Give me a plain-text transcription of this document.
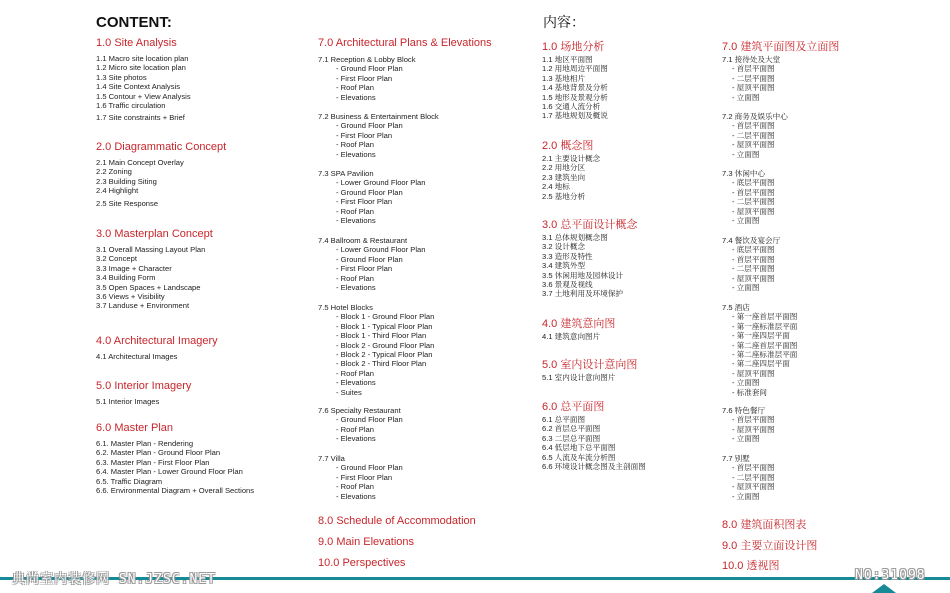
CONTENT:	内容：
1.0 Site Analysis
1.1 Macro site location plan
1.2 Micro site location plan
1.3 Site photos
1.4 Site Context Analysis
1.5 Contour + View Analysis
1.6 Traffic circulation
1.7 Site constraints + Brief
2.0 Diagrammatic Concept
2.1 Main Concept Overlay
2.2 Zoning
2.3 Building Siting
2.4 Highlight
2.5 Site Response
3.0 Masterplan Concept
3.1 Overall Massing Layout Plan
3.2 Concept
3.3 Image + Character
3.4 Building Form
3.5 Open Spaces + Landscape
3.6 Views + Visibility
3.7 Landuse + Environment
4.0 Architectural Imagery
4.1 Architectural Images
5.0 Interior Imagery
5.1 Interior Images
6.0 Master Plan
6.1. Master Plan - Rendering
6.2. Master Plan - Ground Floor Plan
6.3. Master Plan - First Floor Plan
6.4. Master Plan - Lower Ground Floor Plan
6.5. Traffic Diagram
6.6. Environmental Diagram + Overall Sections
7.0 Architectural Plans & Elevations
7.1 Reception & Lobby Block
- Ground Floor Plan
- First Floor Plan
- Roof Plan
- Elevations
7.2 Business & Entertainment Block
- Ground Floor Plan
- First Floor Plan
- Roof Plan
- Elevations
7.3 SPA Pavilion
- Lower Ground Floor Plan
- Ground Floor Plan
- First Floor Plan
- Roof Plan
- Elevations
7.4 Ballroom & Restaurant
- Lower Ground Floor Plan
- Ground Floor Plan
- First Floor Plan
- Roof Plan
- Elevations
7.5 Hotel Blocks
- Block 1 - Ground Floor Plan
- Block 1 - Typical Floor Plan
- Block 1 - Third Floor Plan
- Block 2 - Ground Floor Plan
- Block 2 - Typical Floor Plan
- Block 2 - Third Floor Plan
- Roof Plan
- Elevations
- Suites
7.6 Specialty Restaurant
- Ground Floor Plan
- Roof Plan
- Elevations
7.7 Villa
- Ground Floor Plan
- First Floor Plan
- Roof Plan
- Elevations
8.0 Schedule of Accommodation
9.0 Main Elevations
10.0 Perspectives
1.0 场地分析
1.1 地区平面图
1.2 用地周边平面图
1.3 基地相片
1.4 基地背景及分析
1.5 地形及景观分析
1.6 交通人流分析
1.7 基地规划及概说
2.0 概念图
2.1 主要设计概念
2.2 用地分区
2.3 建筑坐向
2.4 地标
2.5 基地分析
3.0 总平面设计概念
3.1 总体规划概念图
3.2 设计概念
3.3 造形及特性
3.4 建筑外型
3.5 休闲用地及园林设计
3.6 景观及视线
3.7 土地利用及环境保护
4.0 建筑意向图
4.1 建筑意向图片
5.0 室内设计意向图
5.1 室内设计意向图片
6.0 总平面图
6.1 总平面图
6.2 首层总平面图
6.3 二层总平面图
6.4 低层地下总平面图
6.5 人流及车流分析图
6.6 环境设计概念图及主剖面图
7.0 建筑平面图及立面图
7.1 接待处及大堂
- 首层平面图
- 二层平面图
- 屋顶平面图
- 立面图
7.2 商务及娱乐中心
- 首层平面图
- 二层平面图
- 屋顶平面图
- 立面图
7.3 休闲中心
- 底层平面图
- 首层平面图
- 二层平面图
- 屋顶平面图
- 立面图
7.4 餐饮及宴会厅
- 底层平面图
- 首层平面图
- 二层平面图
- 屋顶平面图
- 立面图
7.5 酒店
- 第一座首层平面图
- 第一座标准层平面
- 第一座四层平面
- 第二座首层平面图
- 第二座标准层平面
- 第二座四层平面
- 屋顶平面图
- 立面图
- 标准套间
7.6 特色餐厅
- 首层平面图
- 屋顶平面图
- 立面图
7.7 别墅
- 首层平面图
- 二层平面图
- 屋顶平面图
- 立面图
8.0 建筑面积图表
9.0 主要立面设计图
10.0 透视图
典尚室内装修网 SN.JZSC.NET	NO:31098
